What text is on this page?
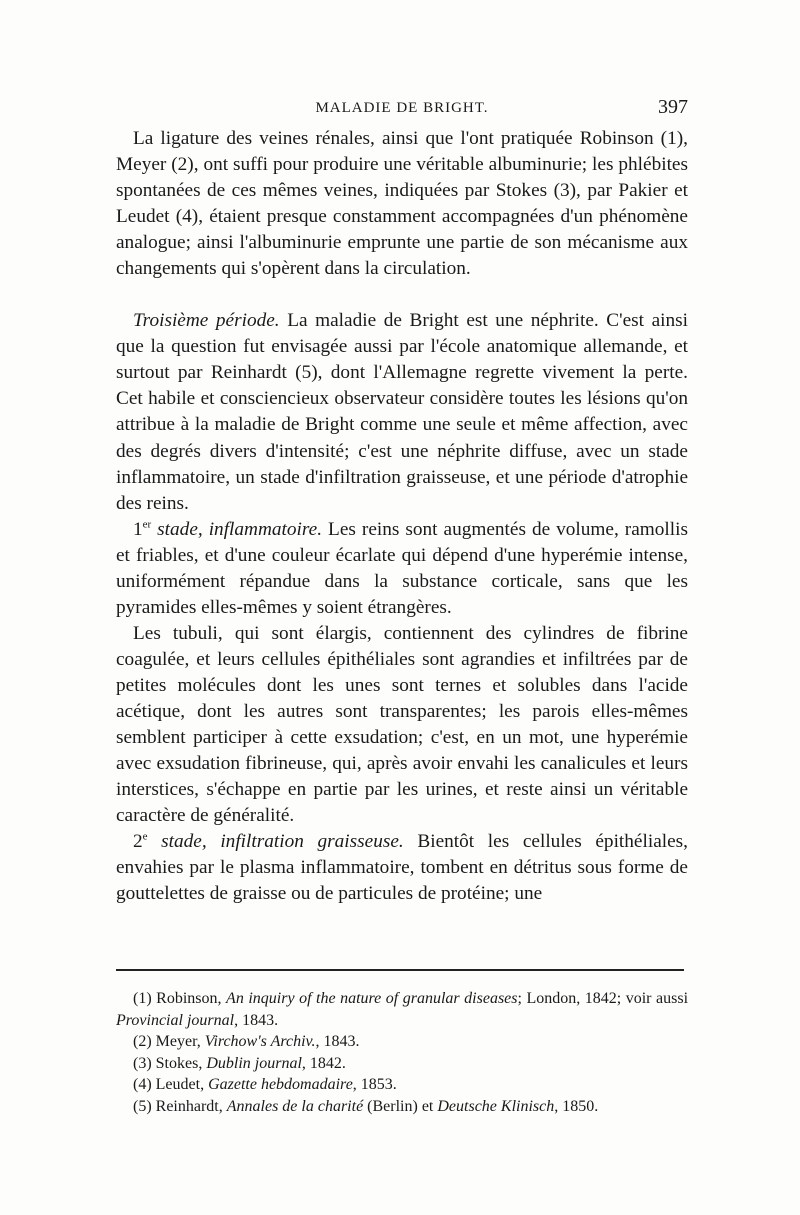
MALADIE DE BRIGHT.	397

La ligature des veines rénales, ainsi que l'ont pratiquée Robinson (1), Meyer (2), ont suffi pour produire une véritable albuminurie; les phlébites spontanées de ces mêmes veines, indiquées par Stokes (3), par Pakier et Leudet (4), étaient presque constamment accompagnées d'un phénomène analogue; ainsi l'albuminurie emprunte une partie de son mécanisme aux changements qui s'opèrent dans la circulation.

Troisième période. La maladie de Bright est une néphrite. C'est ainsi que la question fut envisagée aussi par l'école anatomique allemande, et surtout par Reinhardt (5), dont l'Allemagne regrette vivement la perte. Cet habile et consciencieux observateur considère toutes les lésions qu'on attribue à la maladie de Bright comme une seule et même affection, avec des degrés divers d'intensité; c'est une néphrite diffuse, avec un stade inflammatoire, un stade d'infiltration graisseuse, et une période d'atrophie des reins.

1er stade, inflammatoire. Les reins sont augmentés de volume, ramollis et friables, et d'une couleur écarlate qui dépend d'une hyperémie intense, uniformément répandue dans la substance corticale, sans que les pyramides elles-mêmes y soient étrangères.

Les tubuli, qui sont élargis, contiennent des cylindres de fibrine coagulée, et leurs cellules épithéliales sont agrandies et infiltrées par de petites molécules dont les unes sont ternes et solubles dans l'acide acétique, dont les autres sont transparentes; les parois elles-mêmes semblent participer à cette exsudation; c'est, en un mot, une hyperémie avec exsudation fibrineuse, qui, après avoir envahi les canalicules et leurs interstices, s'échappe en partie par les urines, et reste ainsi un véritable caractère de généralité.

2e stade, infiltration graisseuse. Bientôt les cellules épithéliales, envahies par le plasma inflammatoire, tombent en détritus sous forme de gouttelettes de graisse ou de particules de protéine; une

(1) Robinson, An inquiry of the nature of granular diseases; London, 1842; voir aussi Provincial journal, 1843.

(2) Meyer, Virchow's Archiv., 1843.

(3) Stokes, Dublin journal, 1842.

(4) Leudet, Gazette hebdomadaire, 1853.

(5) Reinhardt, Annales de la charité (Berlin) et Deutsche Klinisch, 1850.
